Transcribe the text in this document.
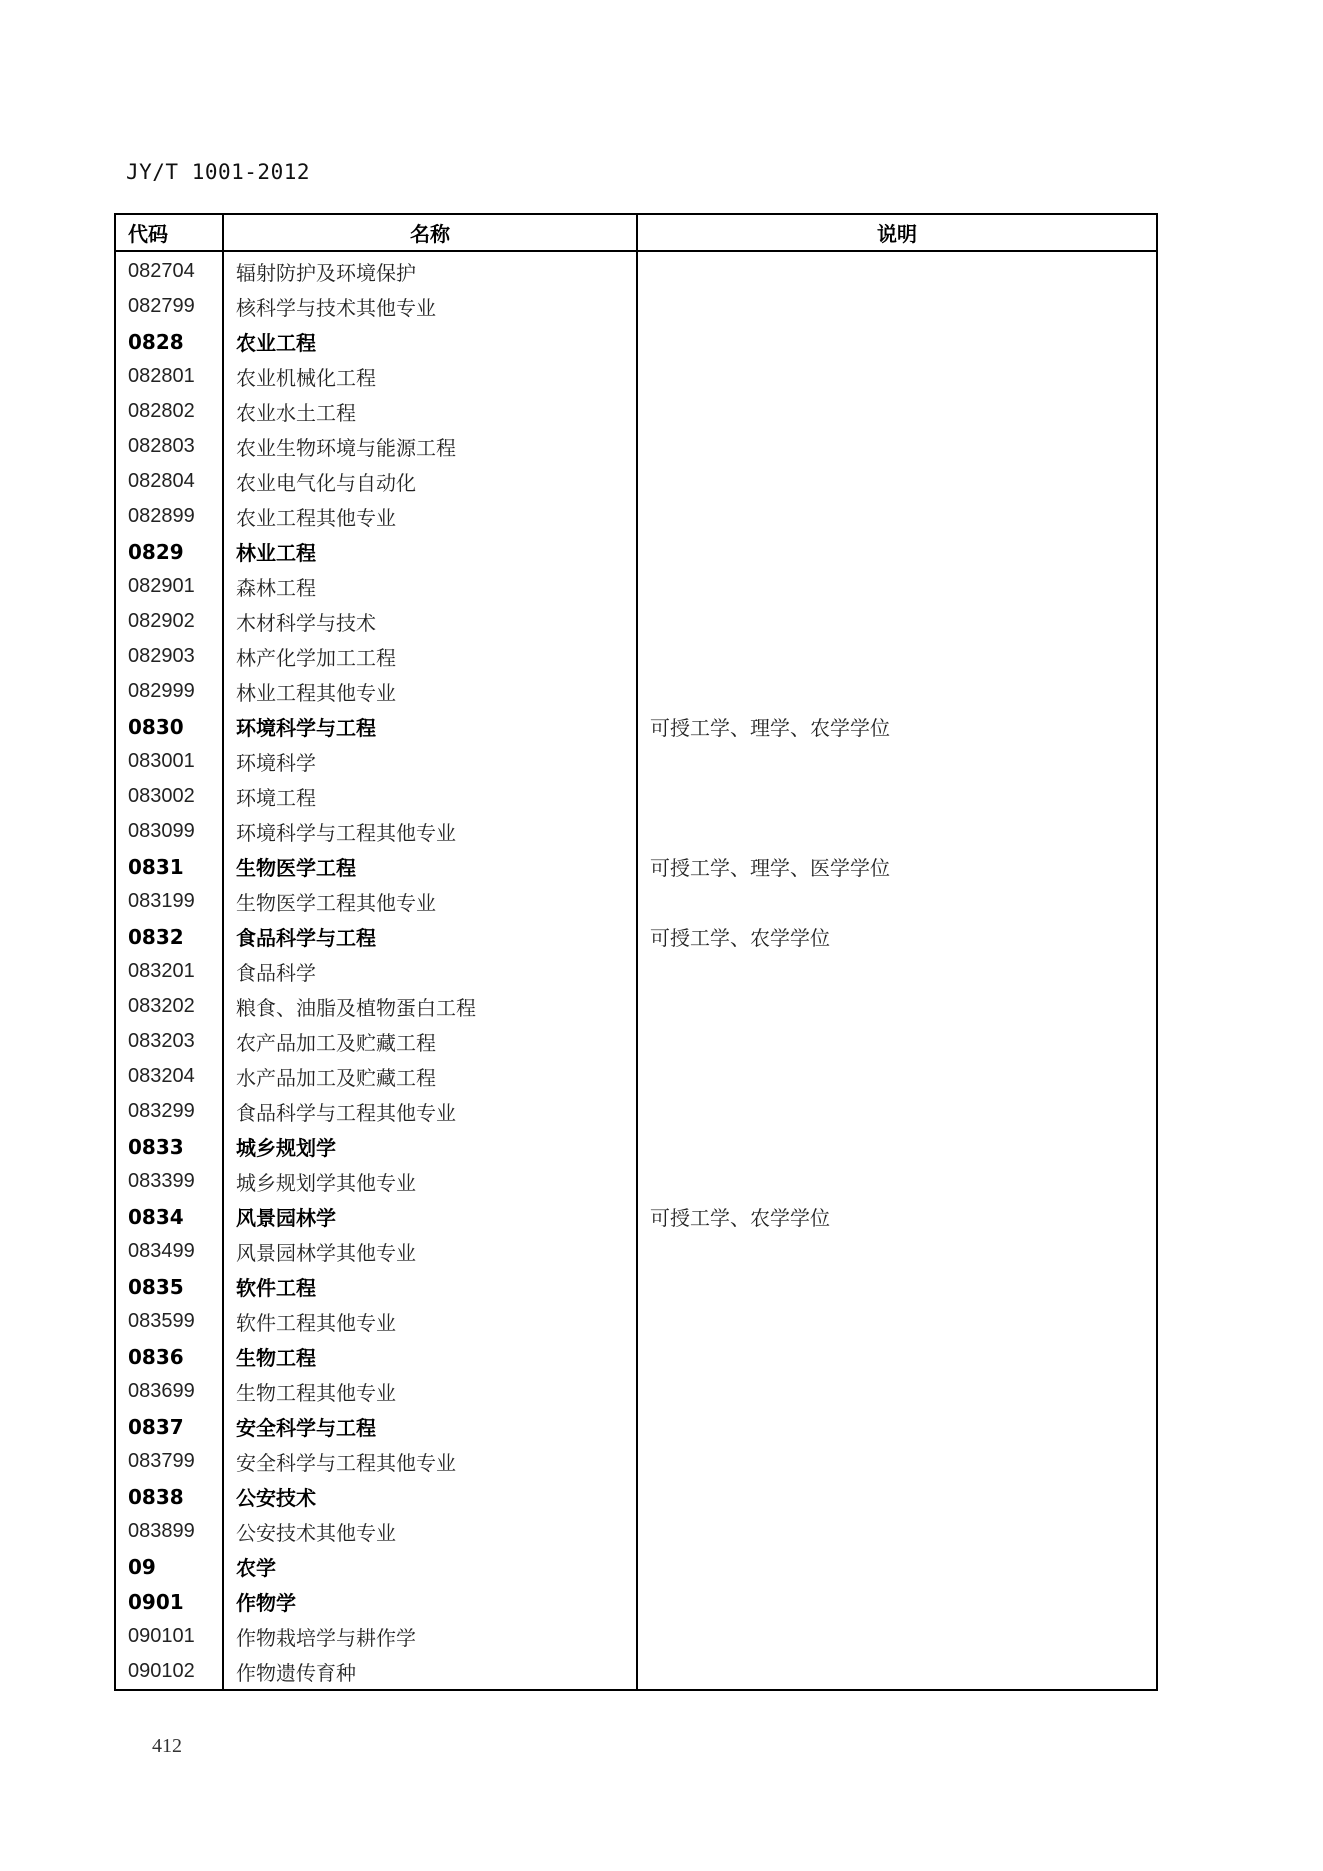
JY/T 1001-2012
代码	名称	说明
082704	辐射防护及环境保护	
082799	核科学与技术其他专业	
0828	农业工程	
082801	农业机械化工程	
082802	农业水土工程	
082803	农业生物环境与能源工程	
082804	农业电气化与自动化	
082899	农业工程其他专业	
0829	林业工程	
082901	森林工程	
082902	木材科学与技术	
082903	林产化学加工工程	
082999	林业工程其他专业	
0830	环境科学与工程	可授工学、理学、农学学位
083001	环境科学	
083002	环境工程	
083099	环境科学与工程其他专业	
0831	生物医学工程	可授工学、理学、医学学位
083199	生物医学工程其他专业	
0832	食品科学与工程	可授工学、农学学位
083201	食品科学	
083202	粮食、油脂及植物蛋白工程	
083203	农产品加工及贮藏工程	
083204	水产品加工及贮藏工程	
083299	食品科学与工程其他专业	
0833	城乡规划学	
083399	城乡规划学其他专业	
0834	风景园林学	可授工学、农学学位
083499	风景园林学其他专业	
0835	软件工程	
083599	软件工程其他专业	
0836	生物工程	
083699	生物工程其他专业	
0837	安全科学与工程	
083799	安全科学与工程其他专业	
0838	公安技术	
083899	公安技术其他专业	
09	农学	
0901	作物学	
090101	作物栽培学与耕作学	
090102	作物遗传育种	
412
